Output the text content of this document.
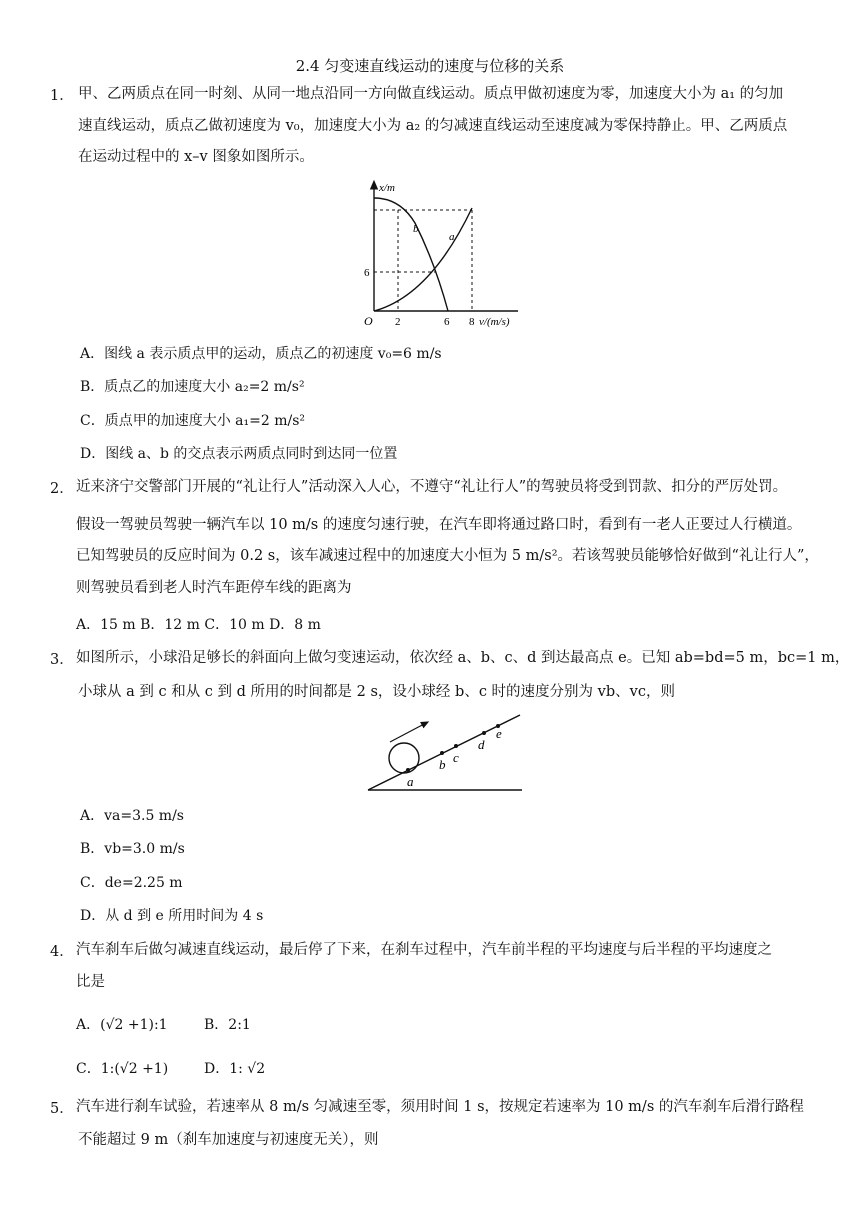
2.4 匀变速直线运动的速度与位移的关系
1． 甲、乙两质点在同一时刻、从同一地点沿同一方向做直线运动。质点甲做初速度为零，加速度大小为 a₁ 的匀加
速直线运动，质点乙做初速度为 v₀，加速度大小为 a₂ 的匀减速直线运动至速度减为零保持静止。甲、乙两质点
在运动过程中的 x–v 图象如图所示。
x/m
O
6
2	6 8 v/(m/s)
b
a
A．图线 a 表示质点甲的运动，质点乙的初速度 v₀=6 m/s
B．质点乙的加速度大小 a₂=2 m/s²
C．质点甲的加速度大小 a₁=2 m/s²
D．图线 a、b 的交点表示两质点同时到达同一位置
2． 近来济宁交警部门开展的“礼让行人”活动深入人心，不遵守“礼让行人”的驾驶员将受到罚款、扣分的严厉处罚。
假设一驾驶员驾驶一辆汽车以 10 m/s 的速度匀速行驶，在汽车即将通过路口时，看到有一老人正要过人行横道。
已知驾驶员的反应时间为 0.2 s，该车减速过程中的加速度大小恒为 5 m/s²。若该驾驶员能够恰好做到“礼让行人”，
则驾驶员看到老人时汽车距停车线的距离为
A．15 m B．12 m C．10 m D．8 m
3． 如图所示，小球沿足够长的斜面向上做匀变速运动，依次经 a、b、c、d 到达最高点 e。已知 ab=bd=5 m，bc=1 m，
小球从 a 到 c 和从 c 到 d 所用的时间都是 2 s，设小球经 b、c 时的速度分别为 vb、vc，则
a
b c
d
e
A．va=3.5 m/s
B．vb=3.0 m/s
C．de=2.25 m
D．从 d 到 e 所用时间为 4 s
4． 汽车刹车后做匀减速直线运动，最后停了下来，在刹车过程中，汽车前半程的平均速度与后半程的平均速度之
比是
A．(√2 +1):1	B．2:1
C．1:(√2 +1)	D．1: √2
5． 汽车进行刹车试验，若速率从 8 m/s 匀减速至零，须用时间 1 s，按规定若速率为 10 m/s 的汽车刹车后滑行路程
不能超过 9 m（刹车加速度与初速度无关），则
